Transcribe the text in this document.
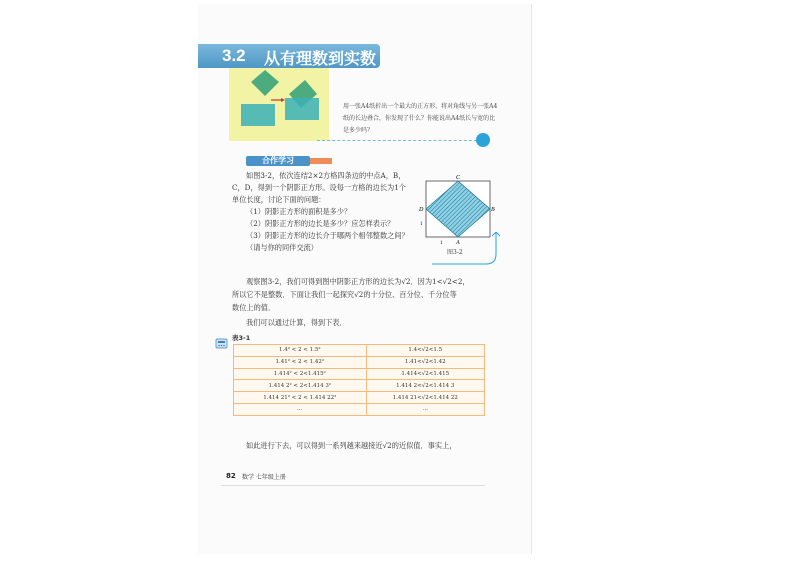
3.2 从有理数到实数
用一张A4纸折出一个最大的正方形，将对角线与另一张A4纸的长边叠合，你发现了什么？你能说出A4纸长与宽的比是多少吗？
合作学习
如图3-2，依次连结2×2方格四条边的中点A，B，
C，D，得到一个阴影正方形。设每一方格的边长为1个
单位长度，讨论下面的问题：
（1）阴影正方形的面积是多少？
（2）阴影正方形的边长是多少？应怎样表示？
（3）阴影正方形的边长介于哪两个相邻整数之间？
（请与你的同伴交流）
C
D	B
A
1
1
图3-2
观察图3-2，我们可得到图中阴影正方形的边长为√2．因为1<√2<2，
所以它不是整数．下面让我们一起探究√2的十分位、百分位、千分位等
数位上的值．
我们可以通过计算，得到下表．
表3-1
1.4² < 2 < 1.5²	1.4<√2<1.5
1.41² < 2 < 1.42²	1.41<√2<1.42
1.414² < 2<1.415²	1.414<√2<1.415
1.414 2² < 2<1.414 3²	1.414 2<√2<1.414 3
1.414 21² < 2 < 1.414 22²	1.414 21<√2<1.414 22
…	…
如此进行下去，可以得到一系列越来越接近√2的近似值．事实上，
82 数学 七年级上册
